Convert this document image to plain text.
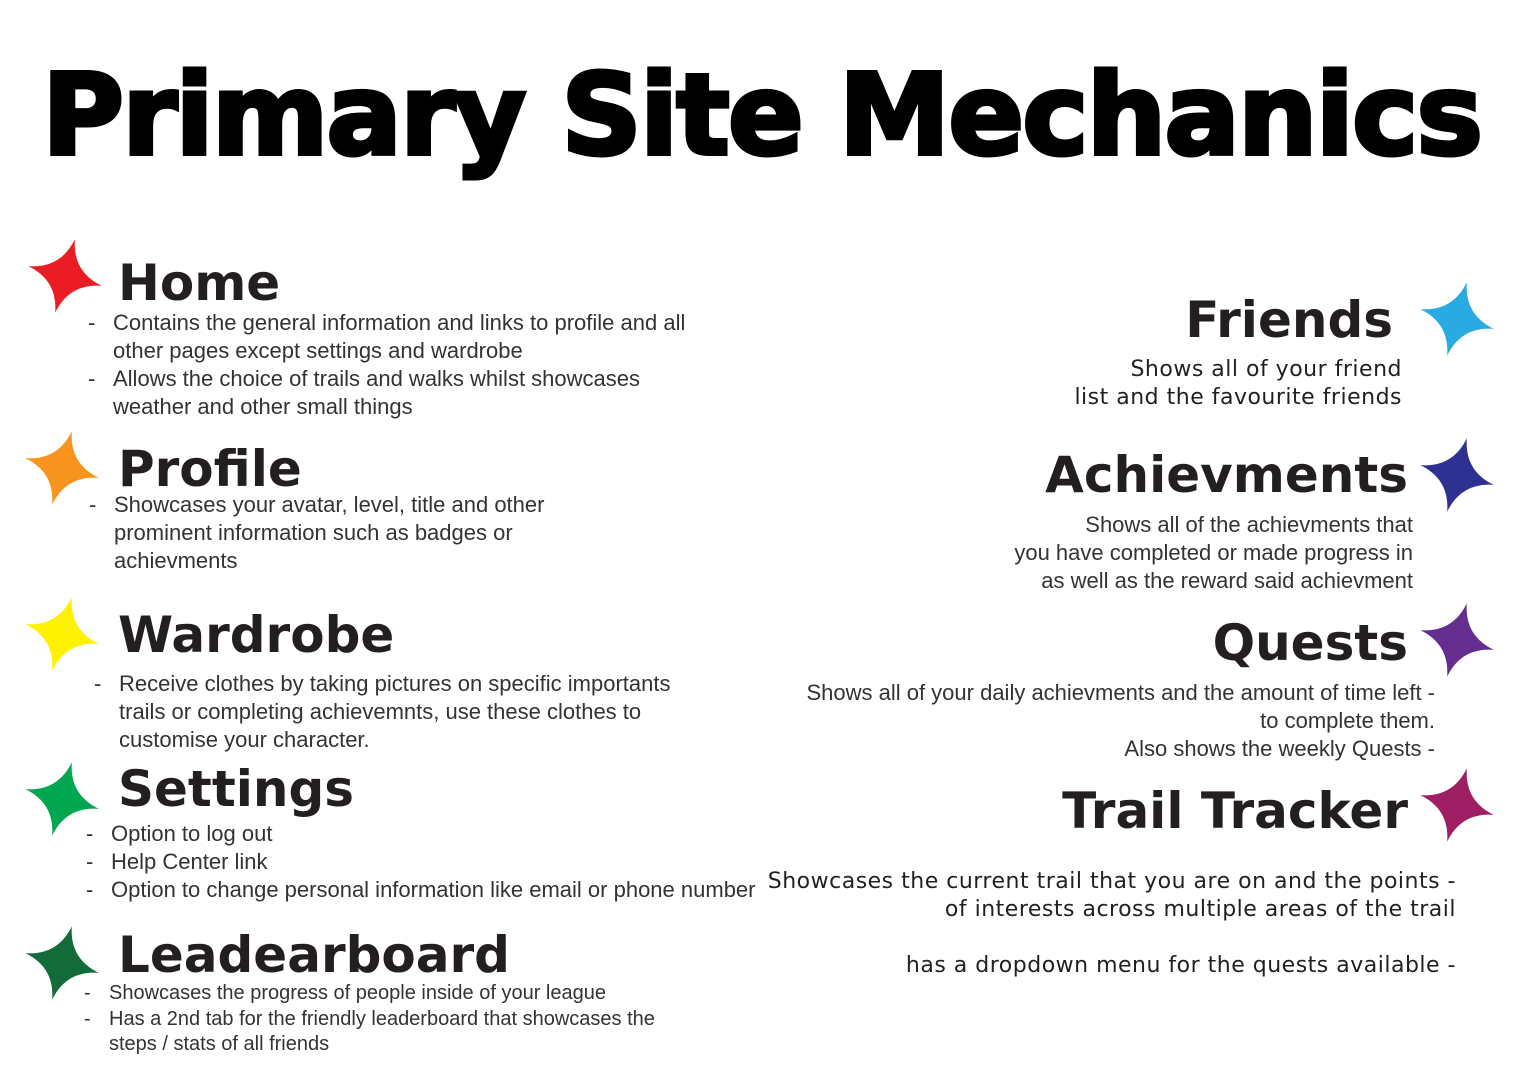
Primary Site Mechanics
Home
- Contains the general information and links to profile and all
other pages except settings and wardrobe
- Allows the choice of trails and walks whilst showcases
weather and other small things
Profile
- Showcases your avatar, level, title and other
prominent information such as badges or
achievments
Wardrobe
- Receive clothes by taking pictures on specific importants
trails or completing achievemnts, use these clothes to
customise your character.
Settings
- Option to log out
- Help Center link
- Option to change personal information like email or phone number
Leadearboard
- Showcases the progress of people inside of your league
- Has a 2nd tab for the friendly leaderboard that showcases the
steps / stats of all friends
Friends
Shows all of your friend
list and the favourite friends
Achievments
Shows all of the achievments that
you have completed or made progress in
as well as the reward said achievment
Quests
Shows all of your daily achievments and the amount of time left -
to complete them.
Also shows the weekly Quests -
Trail Tracker
Showcases the current trail that you are on and the points -
of interests across multiple areas of the trail

has a dropdown menu for the quests available -
